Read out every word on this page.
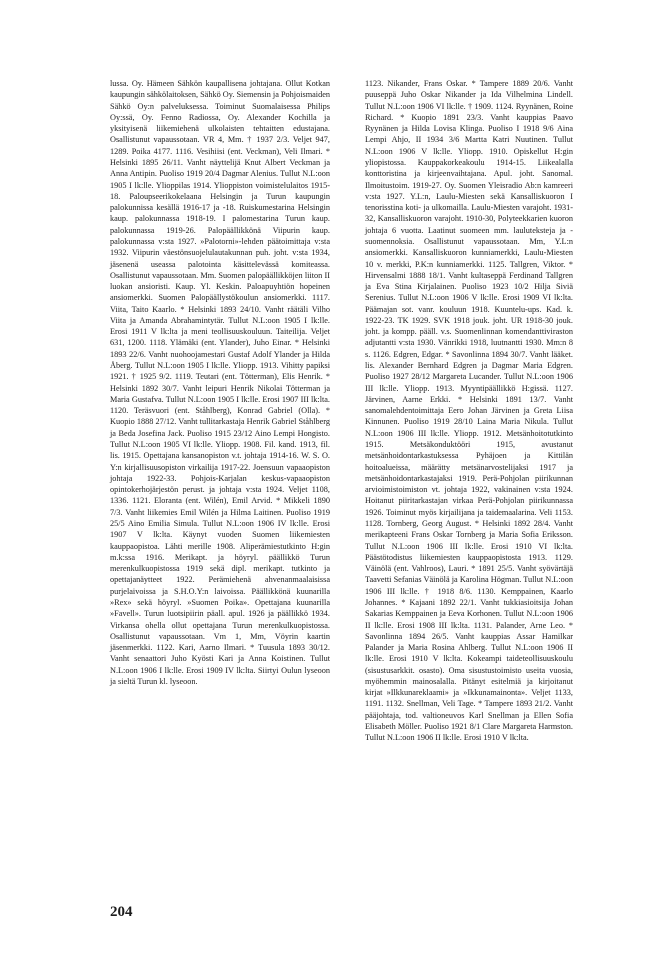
lussa. Oy. Hämeen Sähkön kaupallisena johtajana. Ollut Kotkan kaupungin sähkölaitoksen, Sähkö Oy. Siemensin ja Pohjoismaiden Sähkö Oy:n palveluksessa. Toiminut Suomalaisessa Philips Oy:ssä, Oy. Fenno Radiossa, Oy. Alexander Kochilla ja yksityisenä liikemiehenä ulkolaisten tehtaitten edustajana. Osallistunut vapaussotaan. VR 4, Mm. † 1937 2/3. Veljet 947, 1289. Poika 4177. 1116. Vesihiisi (ent. Veckman), Veli Ilmari. * Helsinki 1895 26/11. Vanht näyttelijä Knut Albert Veckman ja Anna Antipin. Puoliso 1919 20/4 Dagmar Alenius. Tullut N.L:oon 1905 I lk:lle. Ylioppilas 1914. Ylioppiston voimistelulaitos 1915-18. Paloupseerikokelaana Helsingin ja Turun kaupungin palokunnissa kesällä 1916-17 ja -18. Ruiskumestarina Helsingin kaup. palokunnassa 1918-19. I palomestarina Turun kaup. palokunnassa 1919-26. Palopäällikkönä Viipurin kaup. palokunnassa v:sta 1927. »Palotorni»-lehden päätoimittaja v:sta 1932. Viipurin väestönsuojelulautakunnan puh. joht. v:sta 1934, jäsenenä useassa palotointa käsittelevässä komiteassa. Osallistunut vapaussotaan. Mm. Suomen palopäällikköjen liiton II luokan ansioristi. Kaup. Yl. Keskin. Paloapuyhtiön hopeinen ansiomerkki. Suomen Palopäällystökoulun ansiomerkki. 1117. Viita, Taito Kaarlo. * Helsinki 1893 24/10. Vanht räätäli Vilho Viita ja Amanda Abrahamintytär. Tullut N.L:oon 1905 I lk:lle. Erosi 1911 V lk:lta ja meni teollisuuskouluun. Taiteilija. Veljet 631, 1200. 1118. Ylämäki (ent. Ylander), Juho Einar. * Helsinki 1893 22/6. Vanht nuohoojamestari Gustaf Adolf Ylander ja Hilda Åberg. Tullut N.L:oon 1905 I lk:lle. Yliopp. 1913. Vihitty papiksi 1921. † 1925 9/2. 1119. Teutari (ent. Tötterman), Elis Henrik. * Helsinki 1892 30/7. Vanht leipuri Henrik Nikolai Tötterman ja Maria Gustafva. Tullut N.L:oon 1905 I lk:lle. Erosi 1907 III lk:lta. 1120. Teräsvuori (ent. Ståhlberg), Konrad Gabriel (Olla). * Kuopio 1888 27/12. Vanht tullitarkastaja Henrik Gabriel Ståhlberg ja Beda Josefina Jack. Puoliso 1915 23/12 Aino Lempi Hongisto. Tullut N.L:oon 1905 VI lk:lle. Yliopp. 1908. Fil. kand. 1913, fil. lis. 1915. Opettajana kansanopiston v.t. johtaja 1914-16. W. S. O. Y:n kirjallisuusopiston virkailija 1917-22. Joensuun vapaaopiston johtaja 1922-33. Pohjois-Karjalan keskus-vapaaopiston opintokerhojärjestön perust. ja johtaja v:sta 1924. Veljet 1108, 1336. 1121. Eloranta (ent. Wilén), Emil Arvid. * Mikkeli 1890 7/3. Vanht liikemies Emil Wilén ja Hilma Laitinen. Puoliso 1919 25/5 Aino Emilia Simula. Tullut N.L:oon 1906 IV lk:lle. Erosi 1907 V lk:lta. Käynyt vuoden Suomen liikemiesten kauppaopistoa. Lähti merille 1908. Aliperämiestutkinto H:gin m.k:ssa 1916. Merikapt. ja höyryl. päällikkö Turun merenkulkuopistossa 1919 sekä dipl. merikapt. tutkinto ja opettajanäytteet 1922. Perämiehenä ahvenanmaalaisissa purjelaivoissa ja S.H.O.Y:n laivoissa. Päällikkönä kuunarilla »Rex» sekä höyryl. »Suomen Poika». Opettajana kuunarilla »Favell». Turun luotsipiirin päall. apul. 1926 ja päällikkö 1934. Virkansa ohella ollut opettajana Turun merenkulkuopistossa. Osallistunut vapaussotaan. Vm 1, Mm, Vöyrin kaartin jäsenmerkki. 1122. Kari, Aarno Ilmari. * Tuusula 1893 30/12. Vanht senaattori Juho Kyösti Kari ja Anna Koistinen. Tullut N.L:oon 1906 I lk:lle. Erosi 1909 IV lk:lta. Siirtyi Oulun lyseoon ja sieltä Turun kl. lyseoon.

1123. Nikander, Frans Oskar. * Tampere 1889 20/6. Vanht puuseppä Juho Oskar Nikander ja Ida Vilhelmina Lindell. Tullut N.L:oon 1906 VI lk:lle. † 1909. 1124. Ryynänen, Roine Richard. * Kuopio 1891 23/3. Vanht kauppias Paavo Ryynänen ja Hilda Lovisa Klinga. Puoliso I 1918 9/6 Aina Lempi Ahjo, II 1934 3/6 Martta Katri Nuutinen. Tullut N.L:oon 1906 V lk:lle. Yliopp. 1910. Opiskellut H:gin yliopistossa. Kauppakorkeakoulu 1914-15. Liikealalla konttoristina ja kirjeenvaihtajana. Apul. joht. Sanomal. Ilmoitustoim. 1919-27. Oy. Suomen Yleisradio Ab:n kamreeri v:sta 1927. Y.L:n, Laulu-Miesten sekä Kansalliskuoron I tenorisstina koti- ja ulkomailla. Laulu-Miesten varajoht. 1931-32, Kansalliskuoron varajoht. 1910-30, Polyteekkarien kuoron johtaja 6 vuotta. Laatinut suomeen mm. lauluteksteja ja -suomennoksia. Osallistunut vapaussotaan. Mm, Y.L:n ansiomerkki. Kansalliskuoron kunniamerkki, Laulu-Miesten 10 v. merkki, P.K:n kunniamerkki. 1125. Tallgren, Viktor. * Hirvensalmi 1888 18/1. Vanht kultaseppä Ferdinand Tallgren ja Eva Stina Kirjalainen. Puoliso 1923 10/2 Hilja Siviä Serenius. Tullut N.L:oon 1906 V lk:lle. Erosi 1909 VI lk:lta. Päämajan sot. vanr. kouluun 1918. Kuuntelu-ups. Kad. k. 1922-23. TK 1929. SVK 1918 jouk. joht. UR 1918-30 jouk. joht. ja kompp. pääll. v.s. Suomenlinnan komendanttiviraston adjutantti v:sta 1930. Vänrikki 1918, luutnantti 1930. Mm:n 8 s. 1126. Edgren, Edgar. * Savonlinna 1894 30/7. Vanht lääket. lis. Alexander Bernhard Edgren ja Dagmar Maria Edgren. Puoliso 1927 28/12 Margareta Lucander. Tullut N.L:oon 1906 III lk:lle. Yliopp. 1913. Myyntipäällikkö H:gissä. 1127. Järvinen, Aarne Erkki. * Helsinki 1891 13/7. Vanht sanomalehdentoimittaja Eero Johan Järvinen ja Greta Liisa Kinnunen. Puoliso 1919 28/10 Laina Maria Nikula. Tullut N.L:oon 1906 III lk:lle. Yliopp. 1912. Metsänhoitotutkinto 1915. Metsäkonduktööri 1915, avustanut metsänhoidontarkastuksessa Pyhäjoen ja Kittilän hoitoalueissa, määrätty metsänarvostelijaksi 1917 ja metsänhoidontarkastajaksi 1919. Perä-Pohjolan piirikunnan arvioimistoimiston vt. johtaja 1922, vakinainen v:sta 1924. Hoitanut piiritarkastajan virkaa Perä-Pohjolan piirikunnassa 1926. Toiminut myös kirjailijana ja taidemaalarina. Veli 1153. 1128. Tornberg, Georg August. * Helsinki 1892 28/4. Vanht merikapteeni Frans Oskar Tornberg ja Maria Sofia Eriksson. Tullut N.L:oon 1906 III lk:lle. Erosi 1910 VI lk:lta. Päästötodistus liikemiesten kauppaopistosta 1913. 1129. Väinölä (ent. Vahlroos), Lauri. * 1891 25/5. Vanht syövärtäjä Taavetti Sefanias Väinölä ja Karolina Högman. Tullut N.L:oon 1906 III lk:lle. † 1918 8/6. 1130. Kemppainen, Kaarlo Johannes. * Kajaani 1892 22/1. Vanht tukkiasioitsija Johan Sakarias Kemppainen ja Eeva Korhonen. Tullut N.L:oon 1906 II lk:lle. Erosi 1908 III lk:lta. 1131. Palander, Arne Leo. * Savonlinna 1894 26/5. Vanht kauppias Assar Hamilkar Palander ja Maria Rosina Ahlberg. Tullut N.L:oon 1906 II lk:lle. Erosi 1910 V lk:lta. Kokeampi taideteollisuuskoulu (sisustusarkkit. osasto). Oma sisustustoimisto useita vuosia, myöhemmin mainosalalla. Pitänyt esitelmiä ja kirjoitanut kirjat »Ilkkunareklaami» ja »Ikkunamainonta». Veljet 1133, 1191. 1132. Snellman, Veli Tage. * Tampere 1893 21/2. Vanht pääjohtaja, tod. valtioneuvos Karl Snellman ja Ellen Sofia Elisabeth Möller. Puoliso 1921 8/1 Clare Margareta Harmston. Tullut N.L:oon 1906 II lk:lle. Erosi 1910 V lk:lta.

204
